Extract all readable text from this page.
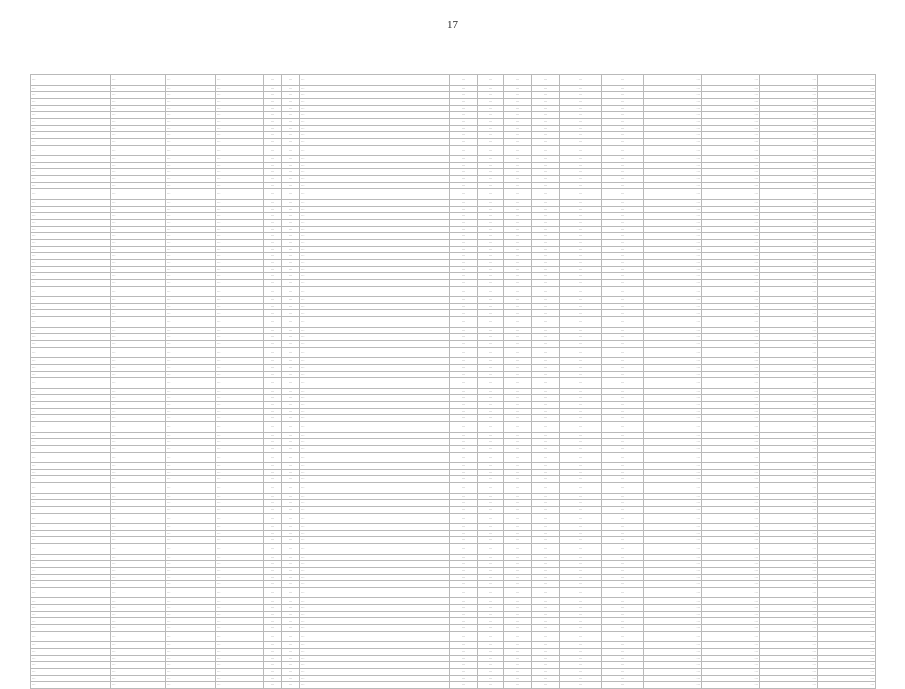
17
…	…	…	…	…	…	…	…	…	…	…	…	…	…	…	…	…
…	…	…	…	…	…	…	…	…	…	…	…	…	…	…	…	…
…	…	…	…	…	…	…	…	…	…	…	…	…	…	…	…	…
…	…	…	…	…	…	…	…	…	…	…	…	…	…	…	…	…
…	…	…	…	…	…	…	…	…	…	…	…	…	…	…	…	…
…	…	…	…	…	…	…	…	…	…	…	…	…	…	…	…	…
…	…	…	…	…	…	…	…	…	…	…	…	…	…	…	…	…
…	…	…	…	…	…	…	…	…	…	…	…	…	…	…	…	…
…	…	…	…	…	…	…	…	…	…	…	…	…	…	…	…	…
…	…	…	…	…	…	…	…	…	…	…	…	…	…	…	…	…
…	…	…	…	…	…	…	…	…	…	…	…	…	…	…	…	…
…	…	…	…	…	…	…	…	…	…	…	…	…	…	…	…	…
…	…	…	…	…	…	…	…	…	…	…	…	…	…	…	…	…
…	…	…	…	…	…	…	…	…	…	…	…	…	…	…	…	…
…	…	…	…	…	…	…	…	…	…	…	…	…	…	…	…	…
…	…	…	…	…	…	…	…	…	…	…	…	…	…	…	…	…
…	…	…	…	…	…	…	…	…	…	…	…	…	…	…	…	…
…	…	…	…	…	…	…	…	…	…	…	…	…	…	…	…	…
…	…	…	…	…	…	…	…	…	…	…	…	…	…	…	…	…
…	…	…	…	…	…	…	…	…	…	…	…	…	…	…	…	…
…	…	…	…	…	…	…	…	…	…	…	…	…	…	…	…	…
…	…	…	…	…	…	…	…	…	…	…	…	…	…	…	…	…
…	…	…	…	…	…	…	…	…	…	…	…	…	…	…	…	…
…	…	…	…	…	…	…	…	…	…	…	…	…	…	…	…	…
…	…	…	…	…	…	…	…	…	…	…	…	…	…	…	…	…
…	…	…	…	…	…	…	…	…	…	…	…	…	…	…	…	…
…	…	…	…	…	…	…	…	…	…	…	…	…	…	…	…	…
…	…	…	…	…	…	…	…	…	…	…	…	…	…	…	…	…
…	…	…	…	…	…	…	…	…	…	…	…	…	…	…	…	…
…	…	…	…	…	…	…	…	…	…	…	…	…	…	…	…	…
…	…	…	…	…	…	…	…	…	…	…	…	…	…	…	…	…
…	…	…	…	…	…	…	…	…	…	…	…	…	…	…	…	…
…	…	…	…	…	…	…	…	…	…	…	…	…	…	…	…	…
…	…	…	…	…	…	…	…	…	…	…	…	…	…	…	…	…
…	…	…	…	…	…	…	…	…	…	…	…	…	…	…	…	…
…	…	…	…	…	…	…	…	…	…	…	…	…	…	…	…	…
…	…	…	…	…	…	…	…	…	…	…	…	…	…	…	…	…
…	…	…	…	…	…	…	…	…	…	…	…	…	…	…	…	…
…	…	…	…	…	…	…	…	…	…	…	…	…	…	…	…	…
…	…	…	…	…	…	…	…	…	…	…	…	…	…	…	…	…
…	…	…	…	…	…	…	…	…	…	…	…	…	…	…	…	…
…	…	…	…	…	…	…	…	…	…	…	…	…	…	…	…	…
…	…	…	…	…	…	…	…	…	…	…	…	…	…	…	…	…
…	…	…	…	…	…	…	…	…	…	…	…	…	…	…	…	…
…	…	…	…	…	…	…	…	…	…	…	…	…	…	…	…	…
…	…	…	…	…	…	…	…	…	…	…	…	…	…	…	…	…
…	…	…	…	…	…	…	…	…	…	…	…	…	…	…	…	…
…	…	…	…	…	…	…	…	…	…	…	…	…	…	…	…	…
…	…	…	…	…	…	…	…	…	…	…	…	…	…	…	…	…
…	…	…	…	…	…	…	…	…	…	…	…	…	…	…	…	…
…	…	…	…	…	…	…	…	…	…	…	…	…	…	…	…	…
…	…	…	…	…	…	…	…	…	…	…	…	…	…	…	…	…
…	…	…	…	…	…	…	…	…	…	…	…	…	…	…	…	…
…	…	…	…	…	…	…	…	…	…	…	…	…	…	…	…	…
…	…	…	…	…	…	…	…	…	…	…	…	…	…	…	…	…
…	…	…	…	…	…	…	…	…	…	…	…	…	…	…	…	…
…	…	…	…	…	…	…	…	…	…	…	…	…	…	…	…	…
…	…	…	…	…	…	…	…	…	…	…	…	…	…	…	…	…
…	…	…	…	…	…	…	…	…	…	…	…	…	…	…	…	…
…	…	…	…	…	…	…	…	…	…	…	…	…	…	…	…	…
…	…	…	…	…	…	…	…	…	…	…	…	…	…	…	…	…
…	…	…	…	…	…	…	…	…	…	…	…	…	…	…	…	…
…	…	…	…	…	…	…	…	…	…	…	…	…	…	…	…	…
…	…	…	…	…	…	…	…	…	…	…	…	…	…	…	…	…
…	…	…	…	…	…	…	…	…	…	…	…	…	…	…	…	…
…	…	…	…	…	…	…	…	…	…	…	…	…	…	…	…	…
…	…	…	…	…	…	…	…	…	…	…	…	…	…	…	…	…
…	…	…	…	…	…	…	…	…	…	…	…	…	…	…	…	…
…	…	…	…	…	…	…	…	…	…	…	…	…	…	…	…	…
…	…	…	…	…	…	…	…	…	…	…	…	…	…	…	…	…
…	…	…	…	…	…	…	…	…	…	…	…	…	…	…	…	…
…	…	…	…	…	…	…	…	…	…	…	…	…	…	…	…	…
…	…	…	…	…	…	…	…	…	…	…	…	…	…	…	…	…
…	…	…	…	…	…	…	…	…	…	…	…	…	…	…	…	…
…	…	…	…	…	…	…	…	…	…	…	…	…	…	…	…	…
…	…	…	…	…	…	…	…	…	…	…	…	…	…	…	…	…
…	…	…	…	…	…	…	…	…	…	…	…	…	…	…	…	…
…	…	…	…	…	…	…	…	…	…	…	…	…	…	…	…	…
…	…	…	…	…	…	…	…	…	…	…	…	…	…	…	…	…
…	…	…	…	…	…	…	…	…	…	…	…	…	…	…	…	…
…	…	…	…	…	…	…	…	…	…	…	…	…	…	…	…	…
…	…	…	…	…	…	…	…	…	…	…	…	…	…	…	…	…
…	…	…	…	…	…	…	…	…	…	…	…	…	…	…	…	…
…	…	…	…	…	…	…	…	…	…	…	…	…	…	…	…	…
